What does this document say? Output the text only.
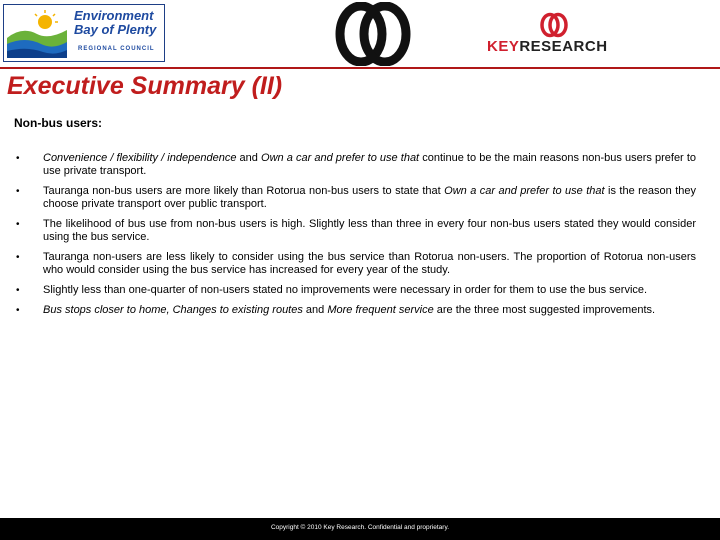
Environment
Bay of Plenty
REGIONAL COUNCIL	KEYRESEARCH
Executive Summary (II)
Non-bus users:
• Convenience / flexibility / independence and Own a car and prefer to use that continue to be the main reasons non-bus users prefer to use private transport.
• Tauranga non-bus users are more likely than Rotorua non-bus users to state that Own a car and prefer to use that is the reason they choose private transport over public transport.
• The likelihood of bus use from non-bus users is high. Slightly less than three in every four non-bus users stated they would consider using the bus service.
• Tauranga non-users are less likely to consider using the bus service than Rotorua non-users. The proportion of Rotorua non-users who would consider using the bus service has increased for every year of the study.
• Slightly less than one-quarter of non-users stated no improvements were necessary in order for them to use the bus service.
• Bus stops closer to home, Changes to existing routes and More frequent service are the three most suggested improvements.
Copyright © 2010 Key Research. Confidential and proprietary.
